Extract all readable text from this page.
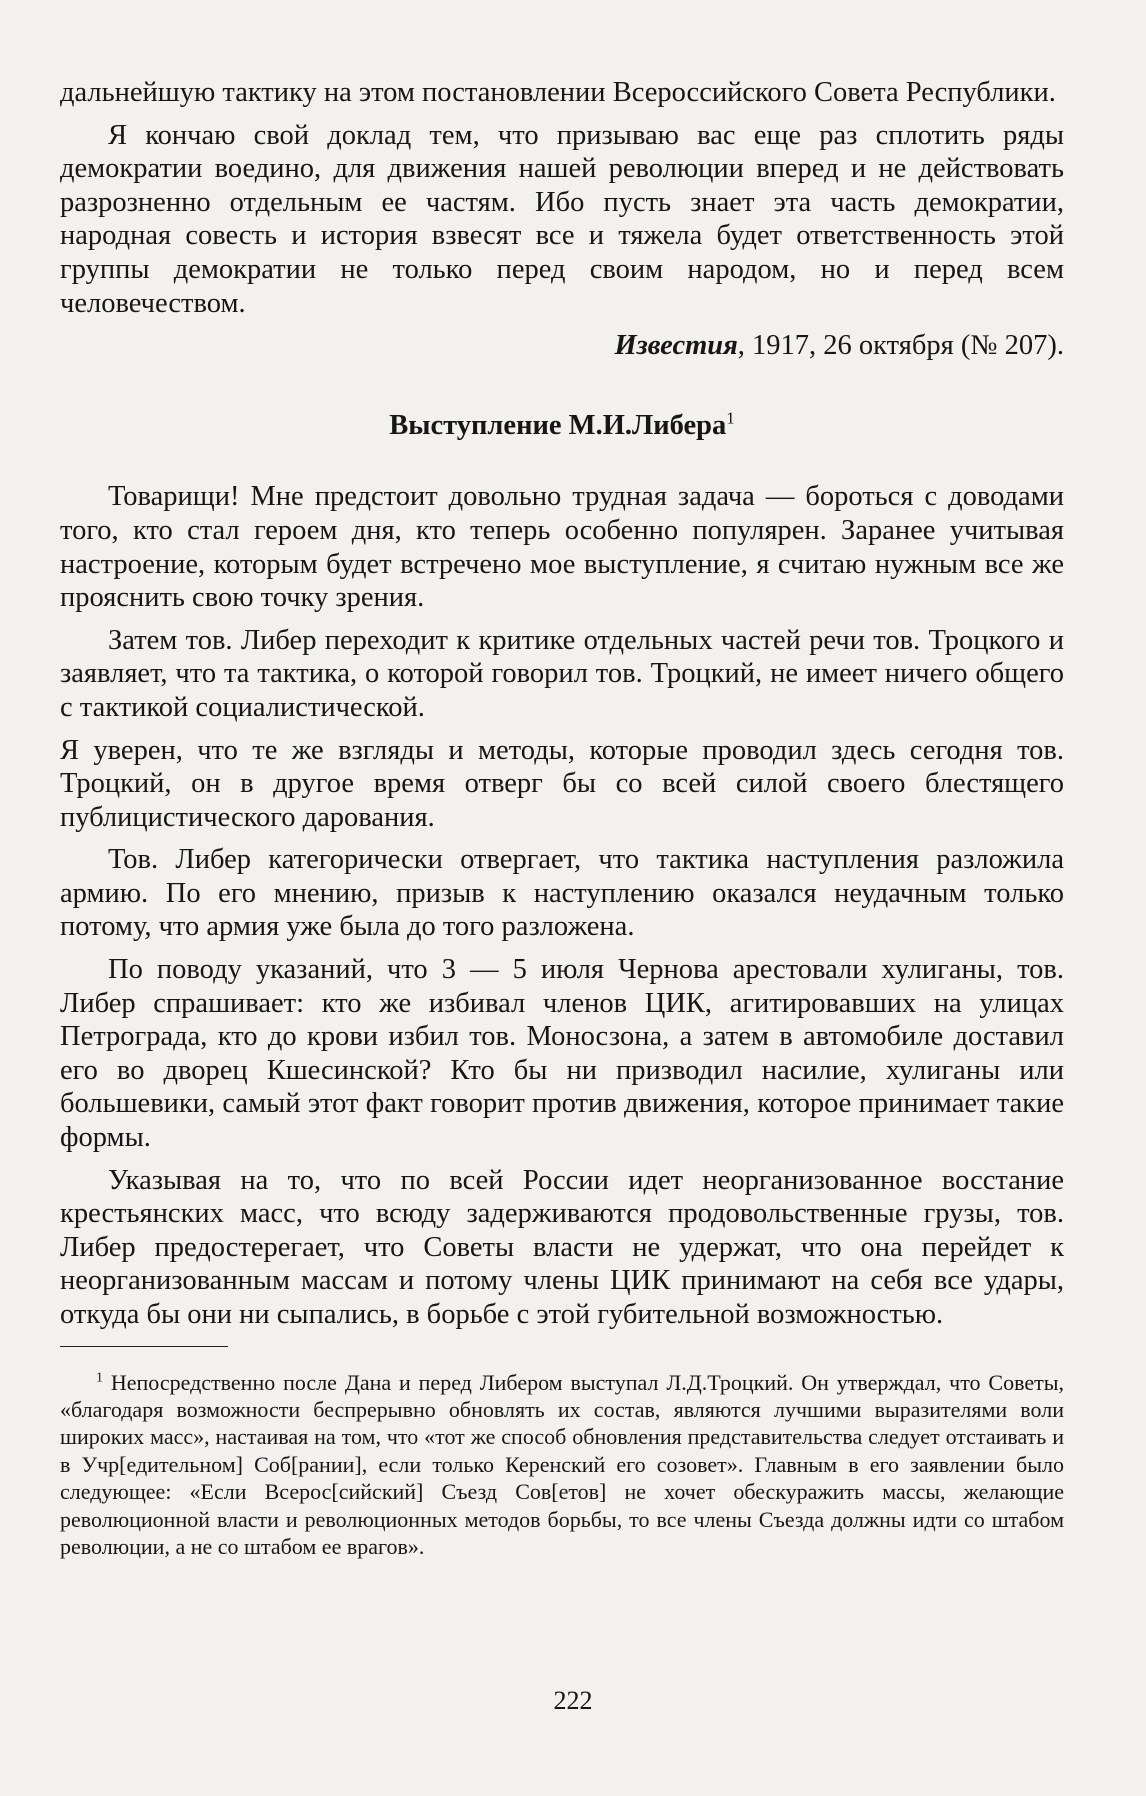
дальнейшую тактику на этом постановлении Всероссийского Совета Республики.

Я кончаю свой доклад тем, что призываю вас еще раз сплотить ряды демократии воедино, для движения нашей революции вперед и не действовать разрозненно отдельным ее частям. Ибо пусть знает эта часть демократии, народная совесть и история взвесят все и тяжела будет ответственность этой группы демократии не только перед своим народом, но и перед всем человечеством.

Известия, 1917, 26 октября (№ 207).

Выступление М.И.Либера$^1$

Товарищи! Мне предстоит довольно трудная задача — бороться с доводами того, кто стал героем дня, кто теперь особенно популярен. Заранее учитывая настроение, которым будет встречено мое выступление, я считаю нужным все же прояснить свою точку зрения.

Затем тов. Либер переходит к критике отдельных частей речи тов. Троцкого и заявляет, что та тактика, о которой говорил тов. Троцкий, не имеет ничего общего с тактикой социалистической.

Я уверен, что те же взгляды и методы, которые проводил здесь сегодня тов. Троцкий, он в другое время отверг бы со всей силой своего блестящего публицистического дарования.

Тов. Либер категорически отвергает, что тактика наступления разложила армию. По его мнению, призыв к наступлению оказался неудачным только потому, что армия уже была до того разложена.

По поводу указаний, что 3 — 5 июля Чернова арестовали хулиганы, тов. Либер спрашивает: кто же избивал членов ЦИК, агитировавших на улицах Петрограда, кто до крови избил тов. Моносзона, а затем в автомобиле доставил его во дворец Кшесинской? Кто бы ни призводил насилие, хулиганы или большевики, самый этот факт говорит против движения, которое принимает такие формы.

Указывая на то, что по всей России идет неорганизованное восстание крестьянских масс, что всюду задерживаются продовольственные грузы, тов. Либер предостерегает, что Советы власти не удержат, что она перейдет к неорганизованным массам и потому члены ЦИК принимают на себя все удары, откуда бы они ни сыпались, в борьбе с этой губительной возможностью.

$^1$ Непосредственно после Дана и перед Либером выступал Л.Д.Троцкий. Он утверждал, что Советы, «благодаря возможности беспрерывно обновлять их состав, являются лучшими выразителями воли широких масс», настаивая на том, что «тот же способ обновления представительства следует отстаивать и в Учр[едительном] Соб[рании], если только Керенский его созовет». Главным в его заявлении было следующее: «Если Всерос[сийский] Съезд Сов[етов] не хочет обескуражить массы, желающие революционной власти и революционных методов борьбы, то все члены Съезда должны идти со штабом революции, а не со штабом ее врагов».

222
